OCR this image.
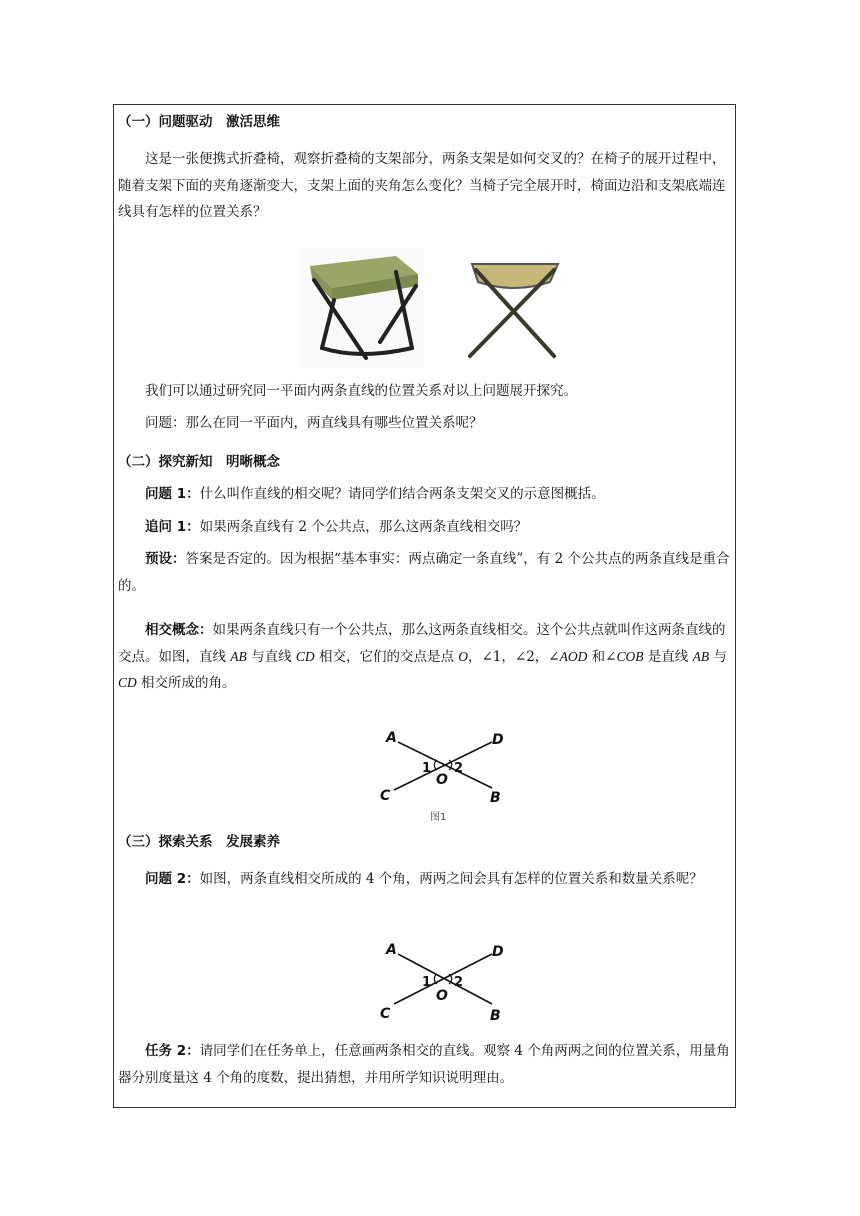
（一）问题驱动　激活思维

这是一张便携式折叠椅，观察折叠椅的支架部分，两条支架是如何交叉的？在椅子的展开过程中，随着支架下面的夹角逐渐变大，支架上面的夹角怎么变化？当椅子完全展开时，椅面边沿和支架底端连线具有怎样的位置关系？

我们可以通过研究同一平面内两条直线的位置关系对以上问题展开探究。

问题：那么在同一平面内，两直线具有哪些位置关系呢？

（二）探究新知　明晰概念

问题 1：什么叫作直线的相交呢？请同学们结合两条支架交叉的示意图概括。

追问 1：如果两条直线有 2 个公共点，那么这两条直线相交吗？

预设：答案是否定的。因为根据“基本事实：两点确定一条直线”，有 2 个公共点的两条直线是重合的。

相交概念：如果两条直线只有一个公共点，那么这两条直线相交。这个公共点就叫作这两条直线的交点。如图，直线 AB 与直线 CD 相交，它们的交点是点 O，∠1，∠2，∠AOD 和∠COB 是直线 AB 与 CD 相交所成的角。

A	D
C	B
O
1 2
图1

（三）探索关系　发展素养

问题 2：如图，两条直线相交所成的 4 个角，两两之间会具有怎样的位置关系和数量关系呢？

A	D
C	B
O
1 2

任务 2：请同学们在任务单上，任意画两条相交的直线。观察 4 个角两两之间的位置关系，用量角器分别度量这 4 个角的度数，提出猜想，并用所学知识说明理由。
